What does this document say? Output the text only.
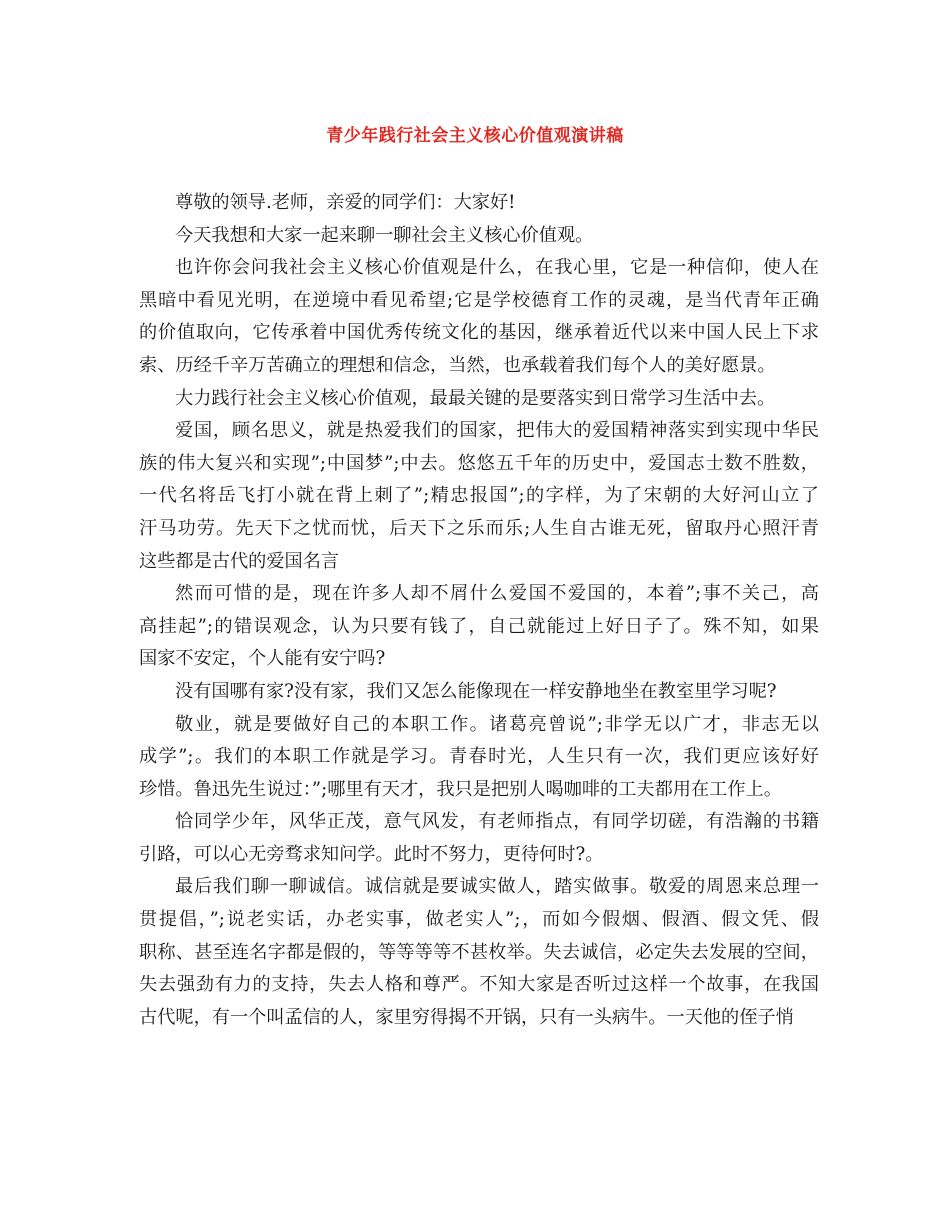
青少年践行社会主义核心价值观演讲稿
尊敬的领导.老师，亲爱的同学们：大家好!
今天我想和大家一起来聊一聊社会主义核心价值观。
也许你会问我社会主义核心价值观是什么，在我心里，它是一种信仰，使人在
黑暗中看见光明，在逆境中看见希望;它是学校德育工作的灵魂，是当代青年正确
的价值取向，它传承着中国优秀传统文化的基因，继承着近代以来中国人民上下求
索、历经千辛万苦确立的理想和信念，当然，也承载着我们每个人的美好愿景。
大力践行社会主义核心价值观，最最关键的是要落实到日常学习生活中去。
爱国，顾名思义，就是热爱我们的国家，把伟大的爱国精神落实到实现中华民
族的伟大复兴和实现”;中国梦”;中去。悠悠五千年的历史中，爱国志士数不胜数，
一代名将岳飞打小就在背上刺了”;精忠报国”;的字样，为了宋朝的大好河山立了
汗马功劳。先天下之忧而忧，后天下之乐而乐;人生自古谁无死，留取丹心照汗青
这些都是古代的爱国名言
然而可惜的是，现在许多人却不屑什么爱国不爱国的，本着”;事不关己，高
高挂起”;的错误观念，认为只要有钱了，自己就能过上好日子了。殊不知，如果
国家不安定，个人能有安宁吗?
没有国哪有家?没有家，我们又怎么能像现在一样安静地坐在教室里学习呢?
敬业，就是要做好自己的本职工作。诸葛亮曾说”;非学无以广才，非志无以
成学”;。我们的本职工作就是学习。青春时光，人生只有一次，我们更应该好好
珍惜。鲁迅先生说过：”;哪里有天才，我只是把别人喝咖啡的工夫都用在工作上。
恰同学少年，风华正茂，意气风发，有老师指点，有同学切磋，有浩瀚的书籍
引路，可以心无旁骛求知问学。此时不努力，更待何时?。
最后我们聊一聊诚信。诚信就是要诚实做人，踏实做事。敬爱的周恩来总理一
贯提倡，”;说老实话，办老实事，做老实人”;，而如今假烟、假酒、假文凭、假
职称、甚至连名字都是假的，等等等等不甚枚举。失去诚信，必定失去发展的空间，
失去强劲有力的支持，失去人格和尊严。不知大家是否听过这样一个故事，在我国
古代呢，有一个叫孟信的人，家里穷得揭不开锅，只有一头病牛。一天他的侄子悄
